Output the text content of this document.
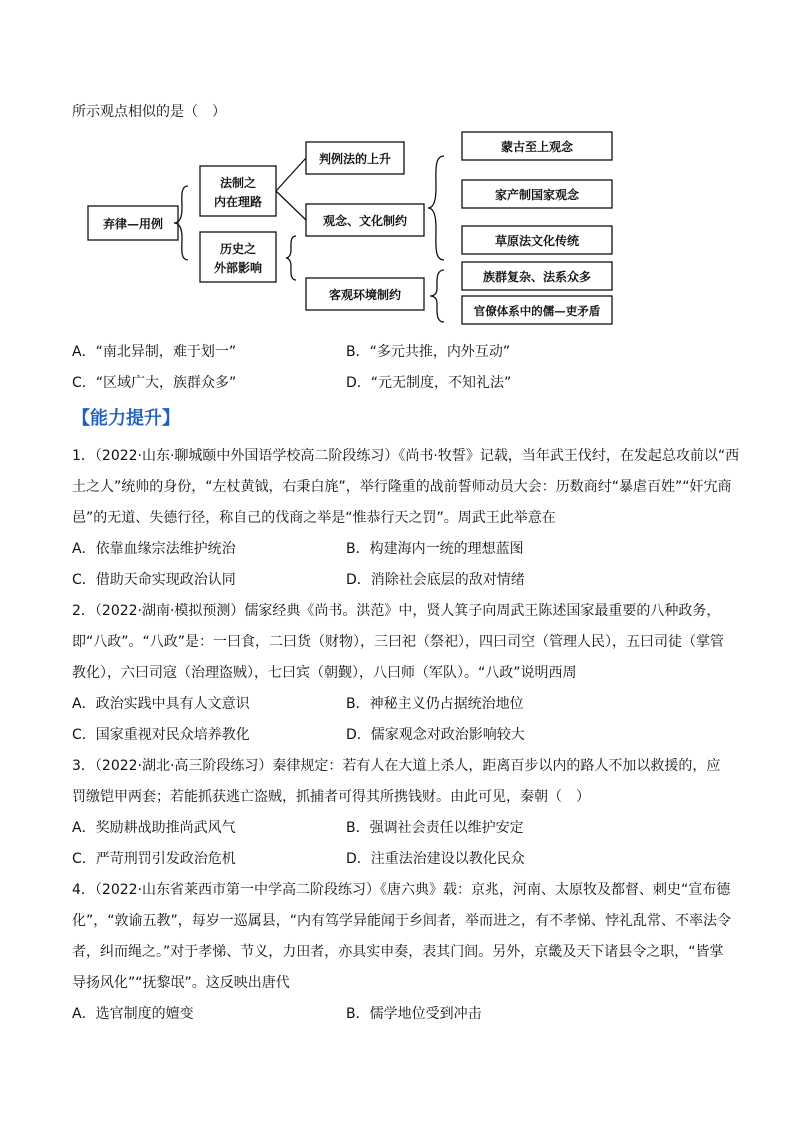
所示观点相似的是（　）
弃律—用例
法制之
内在理路
历史之
外部影响
判例法的上升
观念、文化制约
客观环境制约
蒙古至上观念
家产制国家观念
草原法文化传统
族群复杂、法系众多
官僚体系中的儒—吏矛盾
A．“南北异制，难于划一”	B．“多元共推，内外互动”
C．“区域广大，族群众多”	D．“元无制度，不知礼法”
【能力提升】
1．（2022·山东·聊城颐中外国语学校高二阶段练习）《尚书·牧誓》记载，当年武王伐纣，在发起总攻前以“西
土之人”统帅的身份，“左杖黄钺，右秉白旄”，举行隆重的战前誓师动员大会：历数商纣“暴虐百姓”“奸宄商
邑”的无道、失德行径，称自己的伐商之举是“惟恭行天之罚”。周武王此举意在
A．依靠血缘宗法维护统治	B．构建海内一统的理想蓝图
C．借助天命实现政治认同	D．消除社会底层的敌对情绪
2．（2022·湖南·模拟预测）儒家经典《尚书。洪范》中，贤人箕子向周武王陈述国家最重要的八种政务，
即“八政”。“八政”是：一曰食，二曰货（财物），三曰祀（祭祀），四曰司空（管理人民），五曰司徒（掌管
教化），六曰司寇（治理盗贼），七曰宾（朝觐），八曰师（军队）。“八政”说明西周
A．政治实践中具有人文意识	B．神秘主义仍占据统治地位
C．国家重视对民众培养教化	D．儒家观念对政治影响较大
3．（2022·湖北·高三阶段练习）秦律规定：若有人在大道上杀人，距离百步以内的路人不加以救援的，应
罚缴铠甲两套；若能抓获逃亡盗贼，抓捕者可得其所携钱财。由此可见，秦朝（　）
A．奖励耕战助推尚武风气	B．强调社会责任以维护安定
C．严苛刑罚引发政治危机	D．注重法治建设以教化民众
4．（2022·山东省莱西市第一中学高二阶段练习）《唐六典》载：京兆，河南、太原牧及都督、刺史“宣布德
化”，“敦谕五教”，每岁一巡属县，“内有笃学异能闻于乡闾者，举而进之，有不孝悌、悖礼乱常、不率法令
者，纠而绳之。”对于孝悌、节义，力田者，亦具实申奏，表其门闾。另外，京畿及天下诸县令之职，“皆掌
导扬风化”“抚黎氓”。这反映出唐代
A．选官制度的嬗变	B．儒学地位受到冲击
